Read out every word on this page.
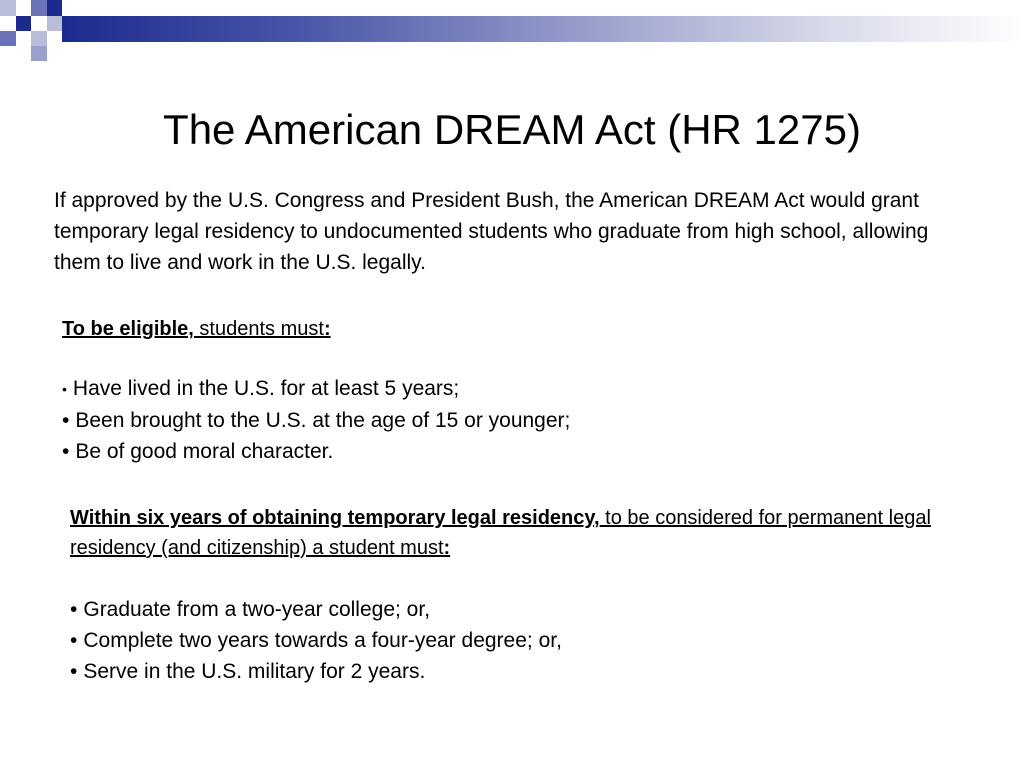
The American DREAM Act (HR 1275)

If approved by the U.S. Congress and President Bush, the American DREAM Act would grant temporary legal residency to undocumented students who graduate from high school, allowing them to live and work in the U.S. legally.

To be eligible, students must:

• Have lived in the U.S. for at least 5 years;
• Been brought to the U.S. at the age of 15 or younger;
• Be of good moral character.

Within six years of obtaining temporary legal residency, to be considered for permanent legal residency (and citizenship) a student must:

• Graduate from a two-year college; or,
• Complete two years towards a four-year degree; or,
• Serve in the U.S. military for 2 years.
